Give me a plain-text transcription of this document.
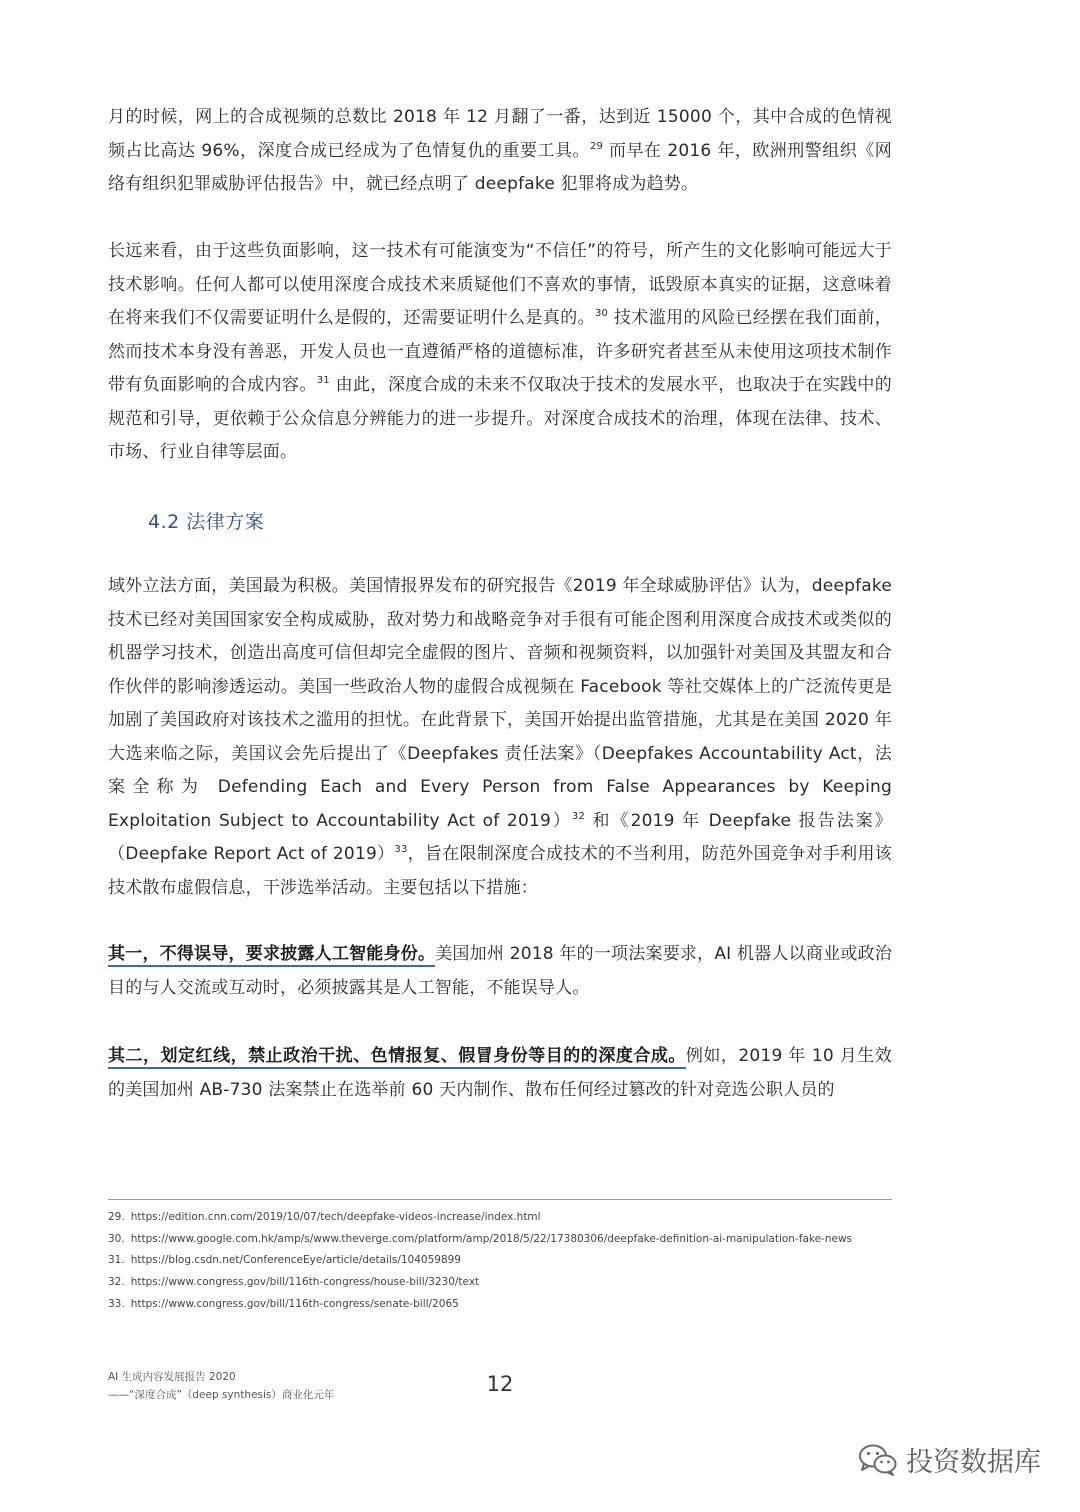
月的时候，网上的合成视频的总数比 2018 年 12 月翻了一番，达到近 15000 个，其中合成的色情视频占比高达 96%，深度合成已经成为了色情复仇的重要工具。$^{29}$ 而早在 2016 年，欧洲刑警组织《网络有组织犯罪威胁评估报告》中，就已经点明了 deepfake 犯罪将成为趋势。

长远来看，由于这些负面影响，这一技术有可能演变为“不信任”的符号，所产生的文化影响可能远大于技术影响。任何人都可以使用深度合成技术来质疑他们不喜欢的事情，诋毁原本真实的证据，这意味着在将来我们不仅需要证明什么是假的，还需要证明什么是真的。$^{30}$ 技术滥用的风险已经摆在我们面前，然而技术本身没有善恶，开发人员也一直遵循严格的道德标准，许多研究者甚至从未使用这项技术制作带有负面影响的合成内容。$^{31}$ 由此，深度合成的未来不仅取决于技术的发展水平，也取决于在实践中的规范和引导，更依赖于公众信息分辨能力的进一步提升。对深度合成技术的治理，体现在法律、技术、市场、行业自律等层面。

4.2 法律方案

域外立法方面，美国最为积极。美国情报界发布的研究报告《2019 年全球威胁评估》认为，deepfake 技术已经对美国国家安全构成威胁，敌对势力和战略竞争对手很有可能企图利用深度合成技术或类似的机器学习技术，创造出高度可信但却完全虚假的图片、音频和视频资料，以加强针对美国及其盟友和合作伙伴的影响渗透运动。美国一些政治人物的虚假合成视频在 Facebook 等社交媒体上的广泛流传更是加剧了美国政府对该技术之滥用的担忧。在此背景下，美国开始提出监管措施，尤其是在美国 2020 年大选来临之际，美国议会先后提出了《Deepfakes 责任法案》（Deepfakes Accountability Act，法案全称为 Defending Each and Every Person from False Appearances by Keeping Exploitation Subject to Accountability Act of 2019）$^{32}$ 和《2019 年 Deepfake 报告法案》（Deepfake Report Act of 2019）$^{33}$，旨在限制深度合成技术的不当利用，防范外国竞争对手利用该技术散布虚假信息，干涉选举活动。主要包括以下措施：

其一，不得误导，要求披露人工智能身份。美国加州 2018 年的一项法案要求，AI 机器人以商业或政治目的与人交流或互动时，必须披露其是人工智能，不能误导人。

其二，划定红线，禁止政治干扰、色情报复、假冒身份等目的的深度合成。例如，2019 年 10 月生效的美国加州 AB-730 法案禁止在选举前 60 天内制作、散布任何经过篡改的针对竞选公职人员的

29. https://edition.cnn.com/2019/10/07/tech/deepfake-videos-increase/index.html
30. https://www.google.com.hk/amp/s/www.theverge.com/platform/amp/2018/5/22/17380306/deepfake-definition-ai-manipulation-fake-news
31. https://blog.csdn.net/ConferenceEye/article/details/104059899
32. https://www.congress.gov/bill/116th-congress/house-bill/3230/text
33. https://www.congress.gov/bill/116th-congress/senate-bill/2065
AI 生成内容发展报告 2020
——“深度合成”（deep synthesis）商业化元年	12
投资数据库
